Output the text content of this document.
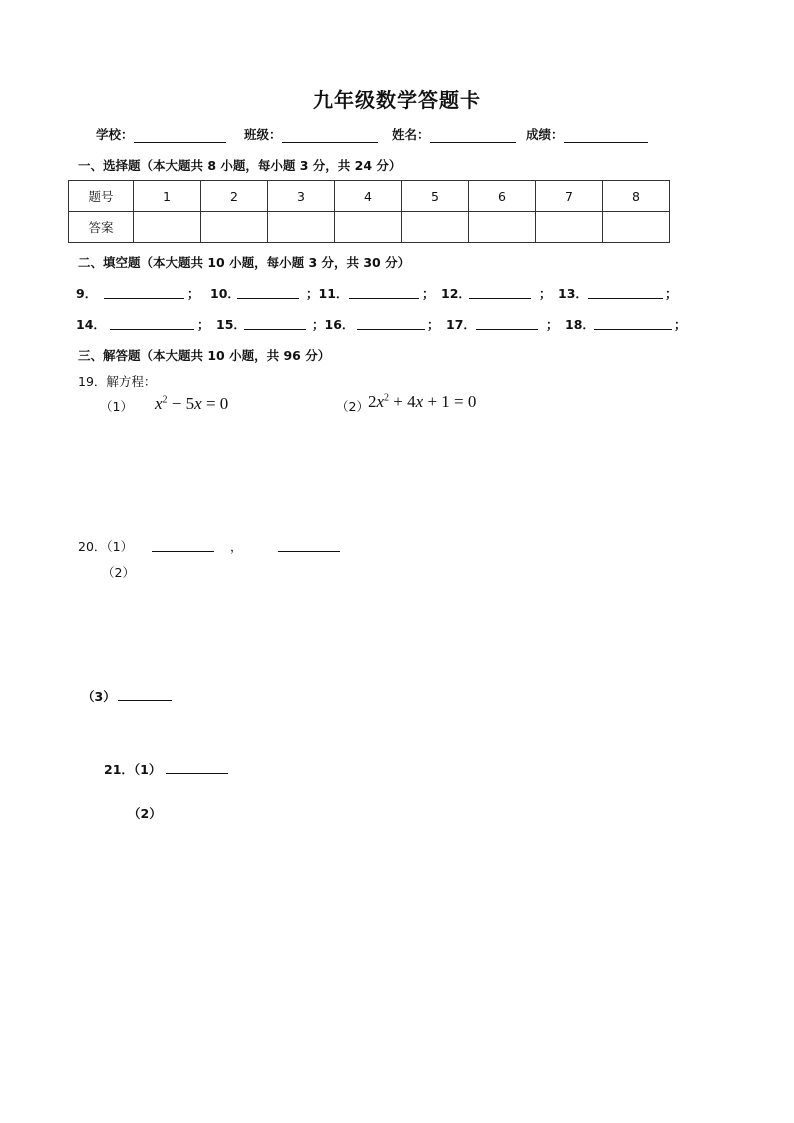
九年级数学答题卡
学校：	班级：	姓名：	成绩：
一、选择题（本大题共 8 小题，每小题 3 分，共 24 分）
题号	1	2	3	4	5	6	7	8
答案								
二、填空题（本大题共 10 小题，每小题 3 分，共 30 分）
9．	； 10．	；11．	； 12．	； 13．	；
14．	； 15．	；16．	； 17．	； 18．	；
三、解答题（本大题共 10 小题，共 96 分）
19．解方程：
（1） $x^2 - 5x = 0$	（2） $2x^2 + 4x + 1 = 0$
20．（1）	，
（2）
（3）
21．（1）
（2）
